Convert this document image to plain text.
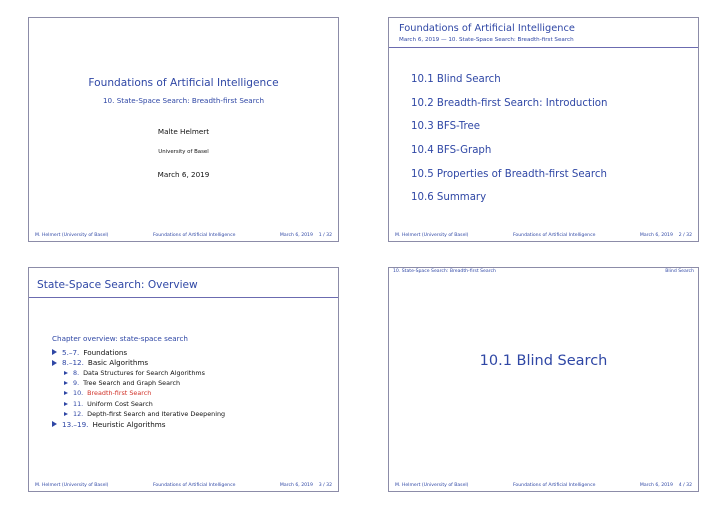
Foundations of Artificial Intelligence
10. State-Space Search: Breadth-first Search
Malte Helmert
University of Basel
March 6, 2019
M. Helmert (University of Basel)	Foundations of Artificial Intelligence	March 6, 2019 1 / 32
Foundations of Artificial Intelligence
March 6, 2019 — 10. State-Space Search: Breadth-first Search
10.1 Blind Search
10.2 Breadth-first Search: Introduction
10.3 BFS-Tree
10.4 BFS-Graph
10.5 Properties of Breadth-first Search
10.6 Summary
M. Helmert (University of Basel)	Foundations of Artificial Intelligence	March 6, 2019 2 / 32
State-Space Search: Overview
Chapter overview: state-space search
5.–7. Foundations
8.–12. Basic Algorithms
8. Data Structures for Search Algorithms
9. Tree Search and Graph Search
10. Breadth-first Search
11. Uniform Cost Search
12. Depth-first Search and Iterative Deepening
13.–19. Heuristic Algorithms
M. Helmert (University of Basel)	Foundations of Artificial Intelligence	March 6, 2019 3 / 32
10. State-Space Search: Breadth-first Search	Blind Search
10.1 Blind Search
M. Helmert (University of Basel)	Foundations of Artificial Intelligence	March 6, 2019 4 / 32
